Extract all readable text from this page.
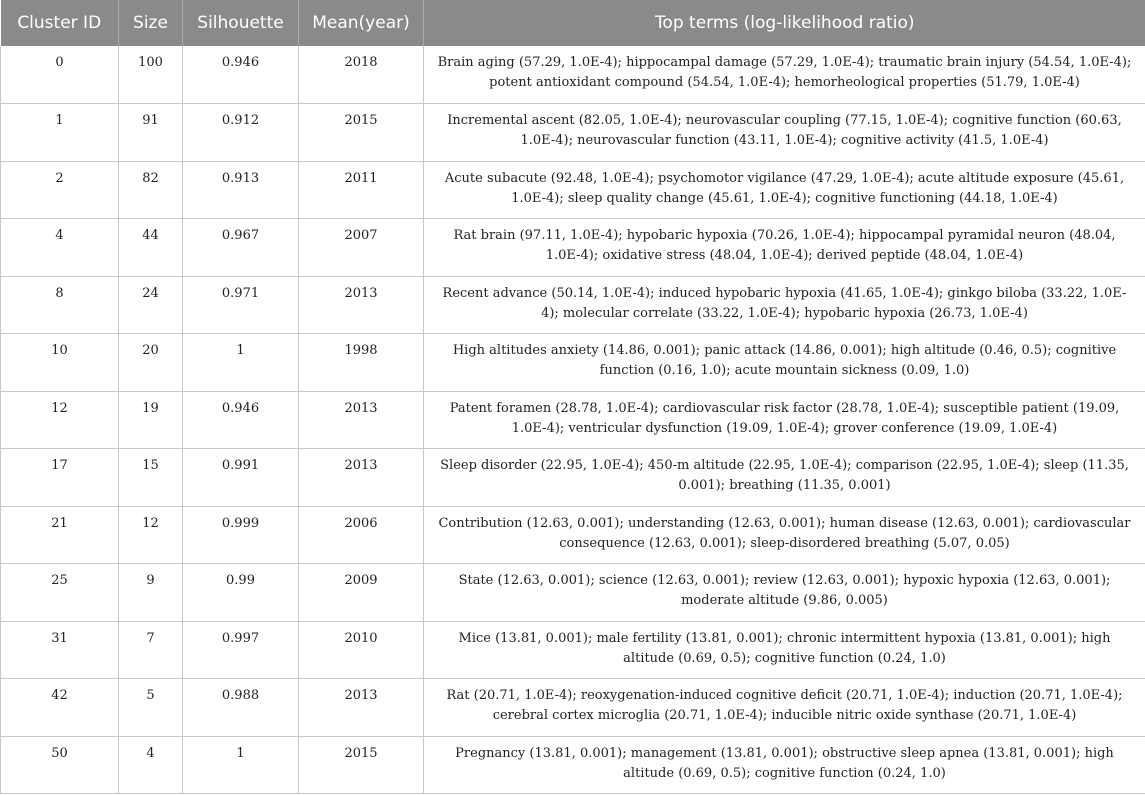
Cluster ID	Size	Silhouette	Mean(year)	Top terms (log-likelihood ratio)
0	100	0.946	2018	Brain aging (57.29, 1.0E-4); hippocampal damage (57.29, 1.0E-4); traumatic brain injury (54.54, 1.0E-4); potent antioxidant compound (54.54, 1.0E-4); hemorheological properties (51.79, 1.0E-4)
1	91	0.912	2015	Incremental ascent (82.05, 1.0E-4); neurovascular coupling (77.15, 1.0E-4); cognitive function (60.63, 1.0E-4); neurovascular function (43.11, 1.0E-4); cognitive activity (41.5, 1.0E-4)
2	82	0.913	2011	Acute subacute (92.48, 1.0E-4); psychomotor vigilance (47.29, 1.0E-4); acute altitude exposure (45.61, 1.0E-4); sleep quality change (45.61, 1.0E-4); cognitive functioning (44.18, 1.0E-4)
4	44	0.967	2007	Rat brain (97.11, 1.0E-4); hypobaric hypoxia (70.26, 1.0E-4); hippocampal pyramidal neuron (48.04, 1.0E-4); oxidative stress (48.04, 1.0E-4); derived peptide (48.04, 1.0E-4)
8	24	0.971	2013	Recent advance (50.14, 1.0E-4); induced hypobaric hypoxia (41.65, 1.0E-4); ginkgo biloba (33.22, 1.0E-4); molecular correlate (33.22, 1.0E-4); hypobaric hypoxia (26.73, 1.0E-4)
10	20	1	1998	High altitudes anxiety (14.86, 0.001); panic attack (14.86, 0.001); high altitude (0.46, 0.5); cognitive function (0.16, 1.0); acute mountain sickness (0.09, 1.0)
12	19	0.946	2013	Patent foramen (28.78, 1.0E-4); cardiovascular risk factor (28.78, 1.0E-4); susceptible patient (19.09, 1.0E-4); ventricular dysfunction (19.09, 1.0E-4); grover conference (19.09, 1.0E-4)
17	15	0.991	2013	Sleep disorder (22.95, 1.0E-4); 450-m altitude (22.95, 1.0E-4); comparison (22.95, 1.0E-4); sleep (11.35, 0.001); breathing (11.35, 0.001)
21	12	0.999	2006	Contribution (12.63, 0.001); understanding (12.63, 0.001); human disease (12.63, 0.001); cardiovascular consequence (12.63, 0.001); sleep-disordered breathing (5.07, 0.05)
25	9	0.99	2009	State (12.63, 0.001); science (12.63, 0.001); review (12.63, 0.001); hypoxic hypoxia (12.63, 0.001); moderate altitude (9.86, 0.005)
31	7	0.997	2010	Mice (13.81, 0.001); male fertility (13.81, 0.001); chronic intermittent hypoxia (13.81, 0.001); high altitude (0.69, 0.5); cognitive function (0.24, 1.0)
42	5	0.988	2013	Rat (20.71, 1.0E-4); reoxygenation-induced cognitive deficit (20.71, 1.0E-4); induction (20.71, 1.0E-4); cerebral cortex microglia (20.71, 1.0E-4); inducible nitric oxide synthase (20.71, 1.0E-4)
50	4	1	2015	Pregnancy (13.81, 0.001); management (13.81, 0.001); obstructive sleep apnea (13.81, 0.001); high altitude (0.69, 0.5); cognitive function (0.24, 1.0)
